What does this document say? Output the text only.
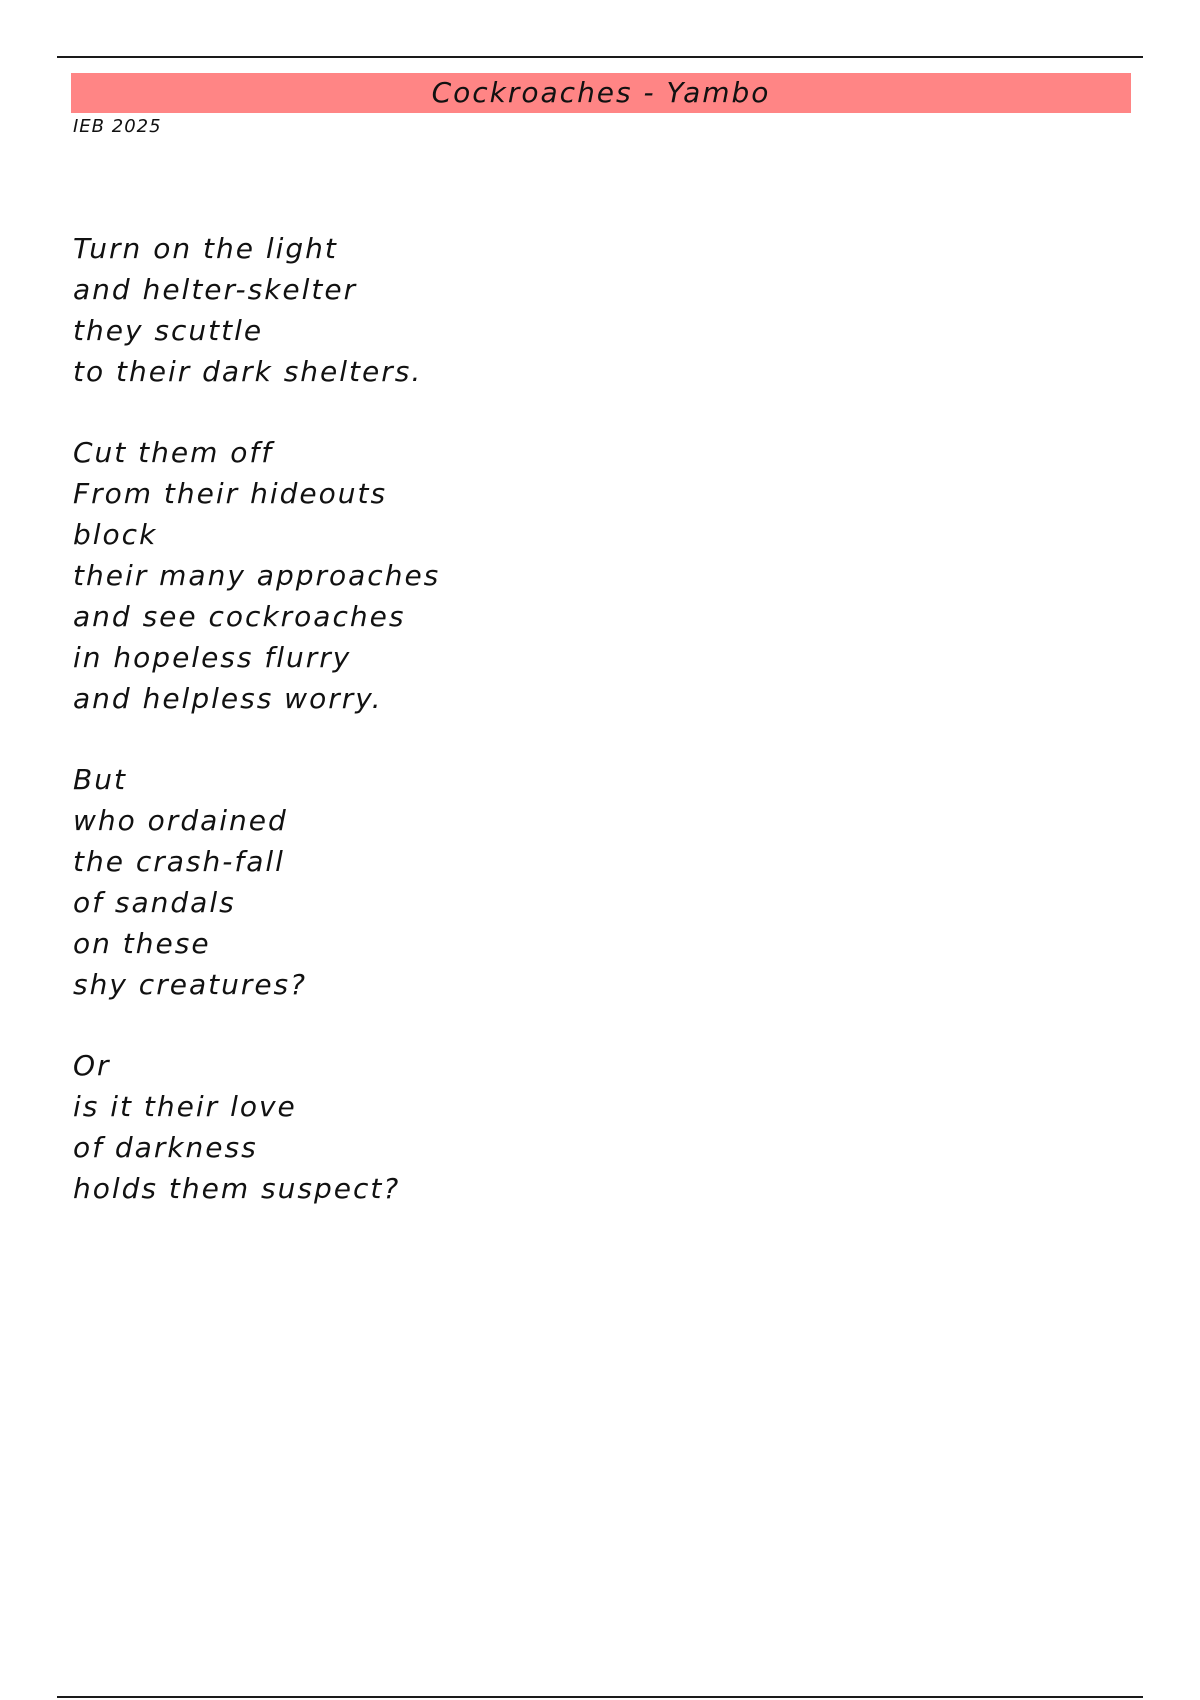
Cockroaches - Yambo
IEB 2025
Turn on the light
and helter-skelter
they scuttle
to their dark shelters.
Cut them off
From their hideouts
block
their many approaches
and see cockroaches
in hopeless flurry
and helpless worry.
But
who ordained
the crash-fall
of sandals
on these
shy creatures?
Or
is it their love
of darkness
holds them suspect?
